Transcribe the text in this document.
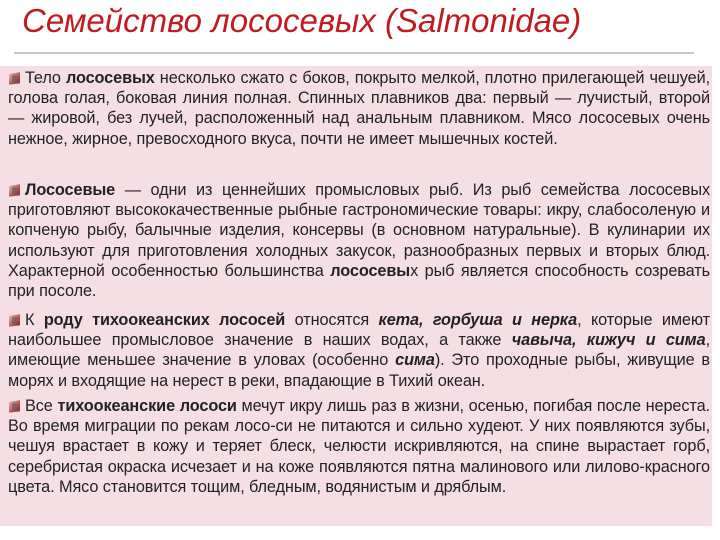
Семейство лососевых (Salmonidae)

Тело лососевых несколько сжато с боков, покрыто мелкой, плотно прилегающей чешуей, голова голая, боковая линия полная. Спинных плавников два: первый — лучистый, второй — жировой, без лучей, расположенный над анальным плавником. Мясо лососевых очень нежное, жирное, превосходного вкуса, почти не имеет мышечных костей.

Лососевые — одни из ценнейших промысловых рыб. Из рыб семейства лососевых приготовляют высококачественные рыбные гастрономические товары: икру, слабосоленую и копченую рыбу, балычные изделия, консервы (в основном натуральные). В кулинарии их используют для приготовления холодных закусок, разнообразных первых и вторых блюд. Характерной особенностью большинства лососевых рыб является способность созревать при посоле.

К роду тихоокеанских лососей относятся кета, горбуша и нерка, которые имеют наибольшее промысловое значение в наших водах, а также чавыча, кижуч и сима, имеющие меньшее значение в уловах (особенно сима). Это проходные рыбы, живущие в морях и входящие на нерест в реки, впадающие в Тихий океан.

Все тихоокеанские лососи мечут икру лишь раз в жизни, осенью, погибая после нереста. Во время миграции по рекам лосо-си не питаются и сильно худеют. У них появляются зубы, чешуя врастает в кожу и теряет блеск, челюсти искривляются, на спине вырастает горб, серебристая окраска исчезает и на коже появляются пятна малинового или лилово-красного цвета. Мясо становится тощим, бледным, водянистым и дряблым.
